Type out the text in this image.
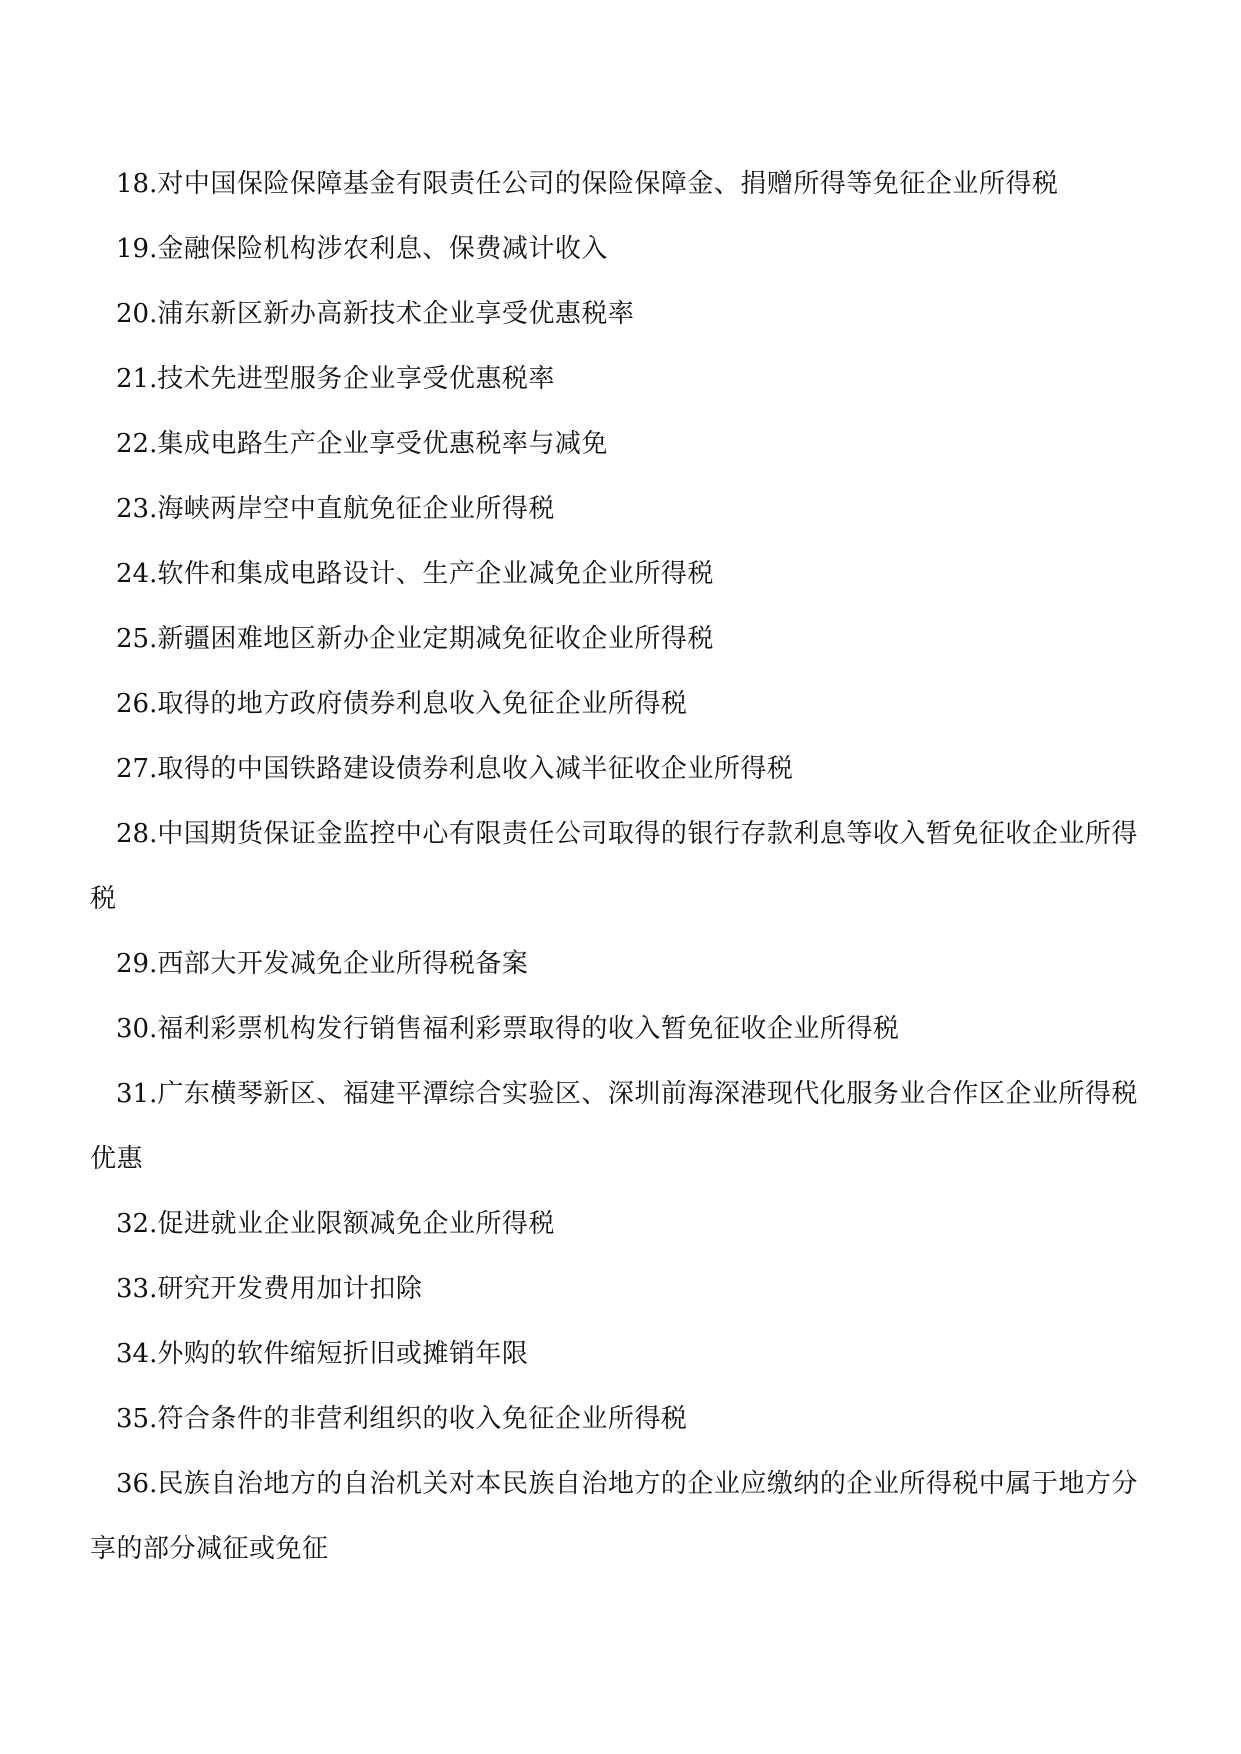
18.对中国保险保障基金有限责任公司的保险保障金、捐赠所得等免征企业所得税

19.金融保险机构涉农利息、保费减计收入

20.浦东新区新办高新技术企业享受优惠税率

21.技术先进型服务企业享受优惠税率

22.集成电路生产企业享受优惠税率与减免

23.海峡两岸空中直航免征企业所得税

24.软件和集成电路设计、生产企业减免企业所得税

25.新疆困难地区新办企业定期减免征收企业所得税

26.取得的地方政府债券利息收入免征企业所得税

27.取得的中国铁路建设债券利息收入减半征收企业所得税

28.中国期货保证金监控中心有限责任公司取得的银行存款利息等收入暂免征收企业所得税

29.西部大开发减免企业所得税备案

30.福利彩票机构发行销售福利彩票取得的收入暂免征收企业所得税

31.广东横琴新区、福建平潭综合实验区、深圳前海深港现代化服务业合作区企业所得税优惠

32.促进就业企业限额减免企业所得税

33.研究开发费用加计扣除

34.外购的软件缩短折旧或摊销年限

35.符合条件的非营利组织的收入免征企业所得税

36.民族自治地方的自治机关对本民族自治地方的企业应缴纳的企业所得税中属于地方分享的部分减征或免征
